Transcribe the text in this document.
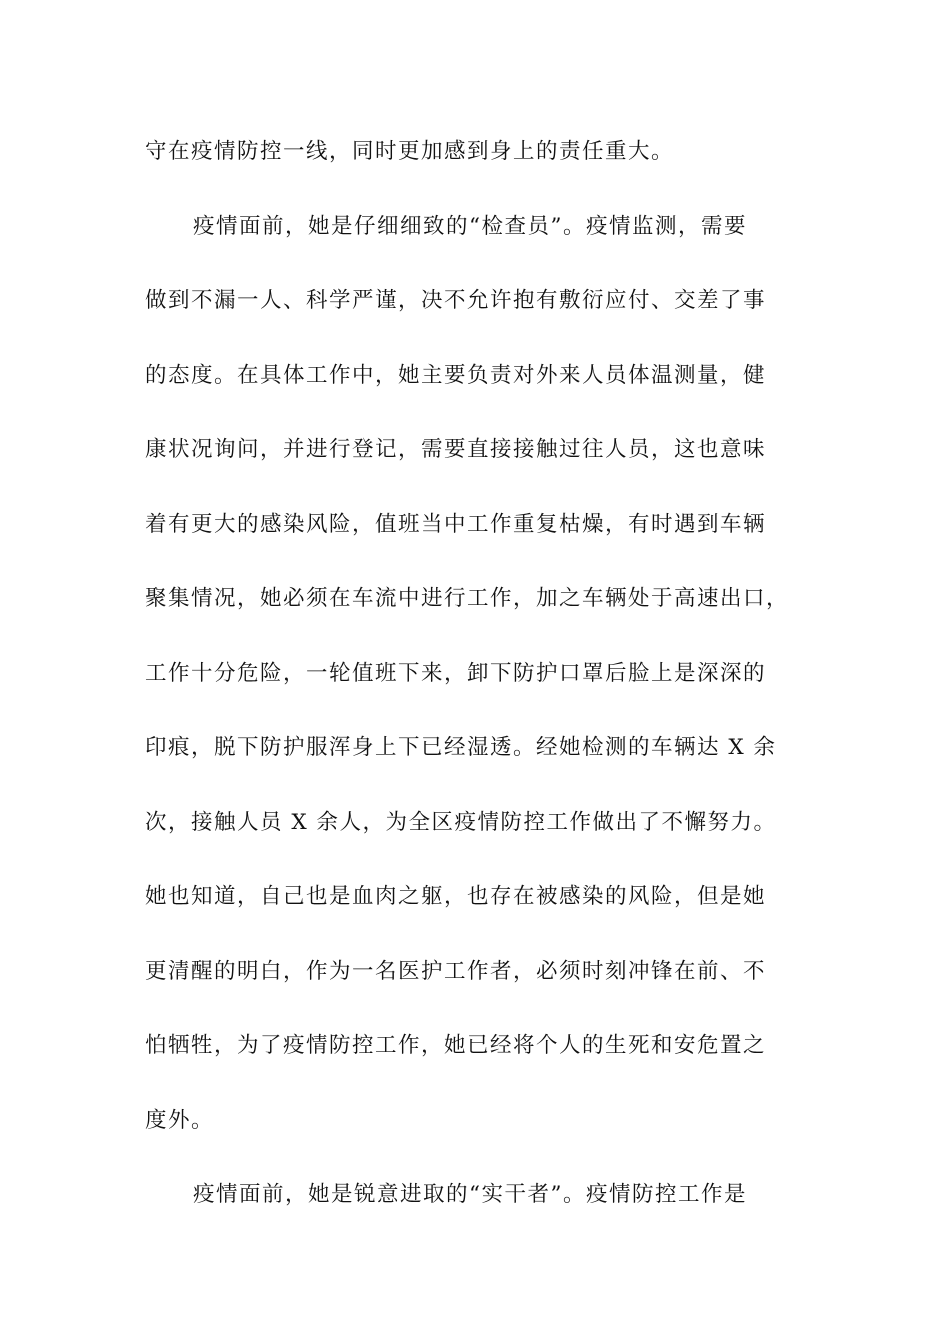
守在疫情防控一线，同时更加感到身上的责任重大。
疫情面前，她是仔细细致的“检查员”。疫情监测，需要
做到不漏一人、科学严谨，决不允许抱有敷衍应付、交差了事
的态度。在具体工作中，她主要负责对外来人员体温测量，健
康状况询问，并进行登记，需要直接接触过往人员，这也意味
着有更大的感染风险，值班当中工作重复枯燥，有时遇到车辆
聚集情况，她必须在车流中进行工作，加之车辆处于高速出口，
工作十分危险，一轮值班下来，卸下防护口罩后脸上是深深的
印痕，脱下防护服浑身上下已经湿透。经她检测的车辆达 X 余
次，接触人员 X 余人，为全区疫情防控工作做出了不懈努力。
她也知道，自己也是血肉之躯，也存在被感染的风险，但是她
更清醒的明白，作为一名医护工作者，必须时刻冲锋在前、不
怕牺牲，为了疫情防控工作，她已经将个人的生死和安危置之
度外。
疫情面前，她是锐意进取的“实干者”。疫情防控工作是
